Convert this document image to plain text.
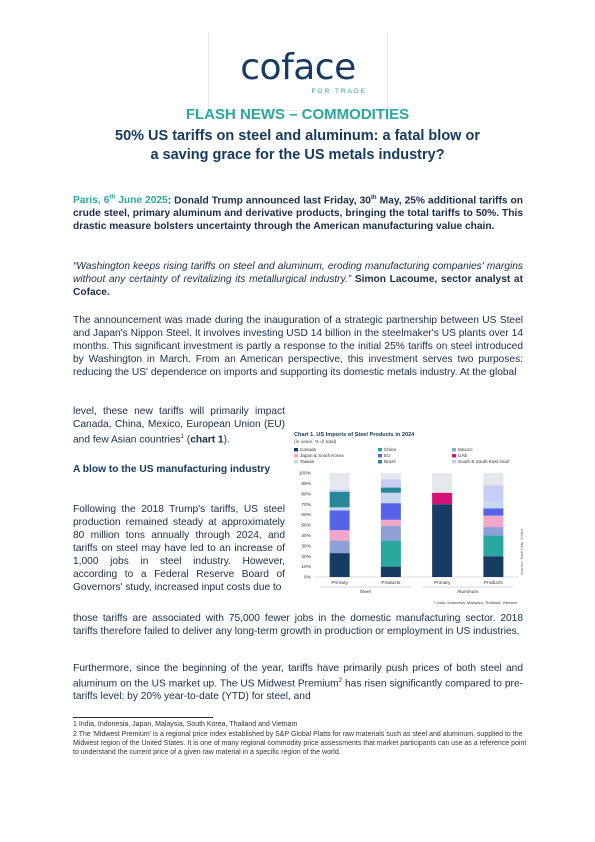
coface
FOR TRADE
FLASH NEWS – COMMODITIES
50% US tariffs on steel and aluminum: a fatal blow or
a saving grace for the US metals industry?
Paris, 6th June 2025: Donald Trump announced last Friday, 30th May, 25% additional tariffs on crude steel, primary aluminum and derivative products, bringing the total tariffs to 50%. This drastic measure bolsters uncertainty through the American manufacturing value chain.
“Washington keeps rising tariffs on steel and aluminum, eroding manufacturing companies' margins without any certainty of revitalizing its metallurgical industry.” Simon Lacoume, sector analyst at Coface.
The announcement was made during the inauguration of a strategic partnership between US Steel and Japan's Nippon Steel. It involves investing USD 14 billion in the steelmaker's US plants over 14 months. This significant investment is partly a response to the initial 25% tariffs on steel introduced by Washington in March. From an American perspective, this investment serves two purposes: reducing the US' dependence on imports and supporting its domestic metals industry. At the global
level, these new tariffs will primarily impact Canada, China, Mexico, European Union (EU) and few Asian countries$^1$ (chart 1).
A blow to the US manufacturing industry
Following the 2018 Trump's tariffs, US steel production remained steady at approximately 80 million tons annually through 2024, and tariffs on steel may have led to an increase of 1,000 jobs in steel industry. However, according to a Federal Reserve Board of Governors' study, increased input costs due to
those tariffs are associated with 75,000 fewer jobs in the domestic manufacturing sector. 2018 tariffs therefore failed to deliver any long-term growth in production or employment in US industries.
Furthermore, since the beginning of the year, tariffs have primarily push prices of both steel and aluminum on the US market up. The US Midwest Premium$^2$ has risen significantly compared to pre-tariffs level: by 20% year-to-date (YTD) for steel, and
1 India, Indonesia, Japan, Malaysia, South Korea, Thailand and Vietnam
2 The 'Midwest Premium' is a regional price index established by S&P Global Platts for raw materials such as steel and aluminum, supplied to the Midwest region of the United States. It is one of many regional commodity price assessments that market participants can use as a reference point to understand the current price of a given raw material in a specific region of the world.
Chart 1. US Imports of Steel Products in 2024
(in value, % of total)
Canada	China	Mexico
Japan & South Korea	EU	UAE
Taiwan	Brazil	South & South East Asia*
0%
10%
20%
30%
40%
50%
60%
70%
80%
90%
100%
Primary	Products	Primary	Products
Steel	Aluminum
* India, Indonesia, Malaysia, Thailand, Vietnam
Sources: Trade Data, Coface
